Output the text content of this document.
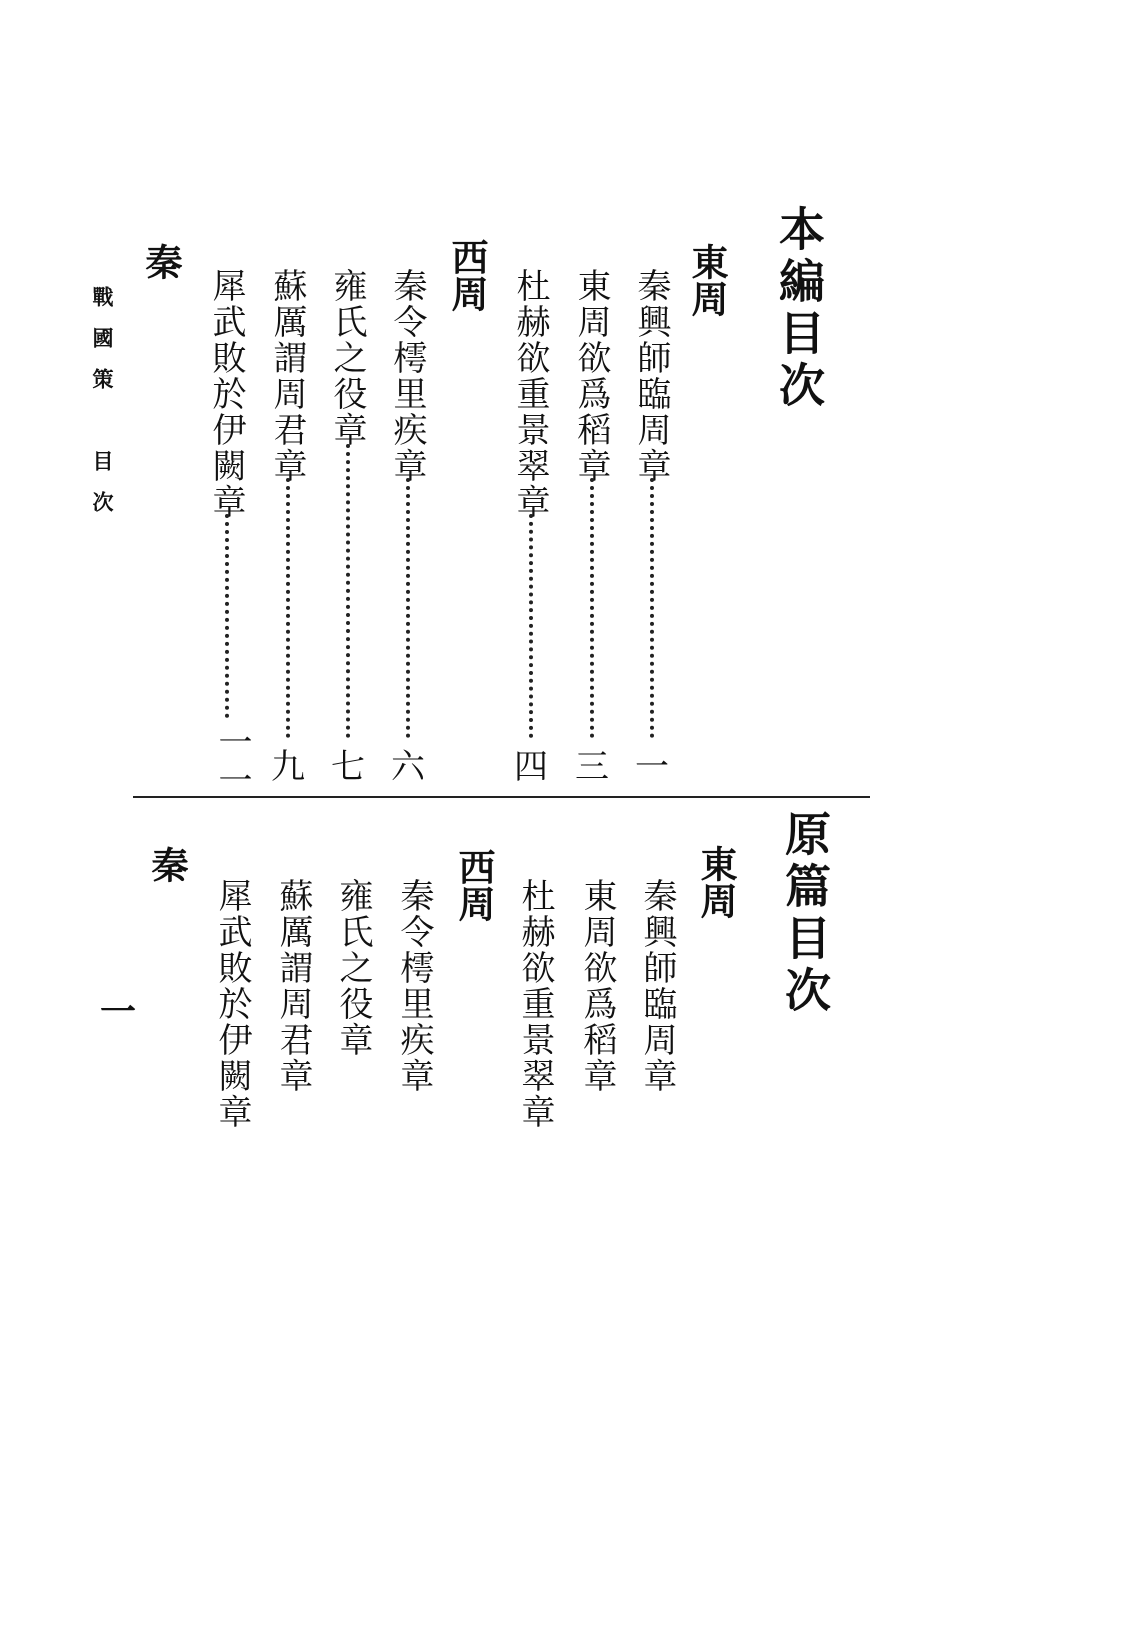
本編目次
東周
秦興師臨周章
一
東周欲爲稻章
三
杜赫欲重景翠章
四
西周
秦令樗里疾章
六
雍氏之役章
七
蘇厲謂周君章
九
犀武敗於伊闕章
一一
秦
戰國策　目次
原篇目次
東周
秦興師臨周章
東周欲爲稻章
杜赫欲重景翠章
西周
秦令樗里疾章
雍氏之役章
蘇厲謂周君章
犀武敗於伊闕章
秦
一
